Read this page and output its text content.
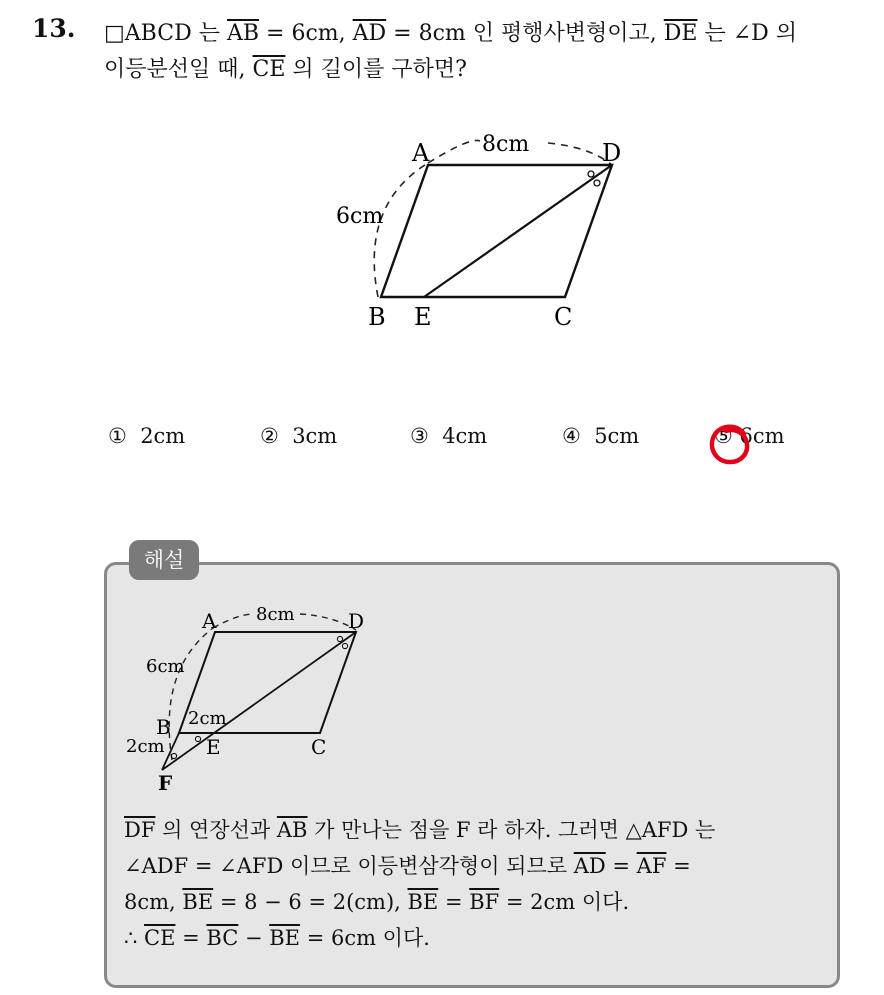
13. □ABCD 는 $\overline{AB} = 6cm$, $\overline{AD} = 8cm$ 인 평행사변형이고, $\overline{DE}$ 는 ∠D 의
이등분선일 때, $\overline{CE}$ 의 길이를 구하면?
A	D
B E	C
8cm
6cm
① 2cm	② 3cm	③ 4cm	④ 5cm	⑤ 6cm
해설
A	D
B
E	C
F
8cm
6cm
2cm
2cm
$\overline{DF}$ 의 연장선과 $\overline{AB}$ 가 만나는 점을 F 라 하자. 그러면 △AFD 는
∠ADF = ∠AFD 이므로 이등변삼각형이 되므로 $\overline{AD} = \overline{AF}$ =
8cm, $\overline{BE} = 8 - 6 = 2(cm)$, $\overline{BE} = \overline{BF} = 2cm$ 이다.
∴ $\overline{CE} = \overline{BC} - \overline{BE} = 6cm$ 이다.
